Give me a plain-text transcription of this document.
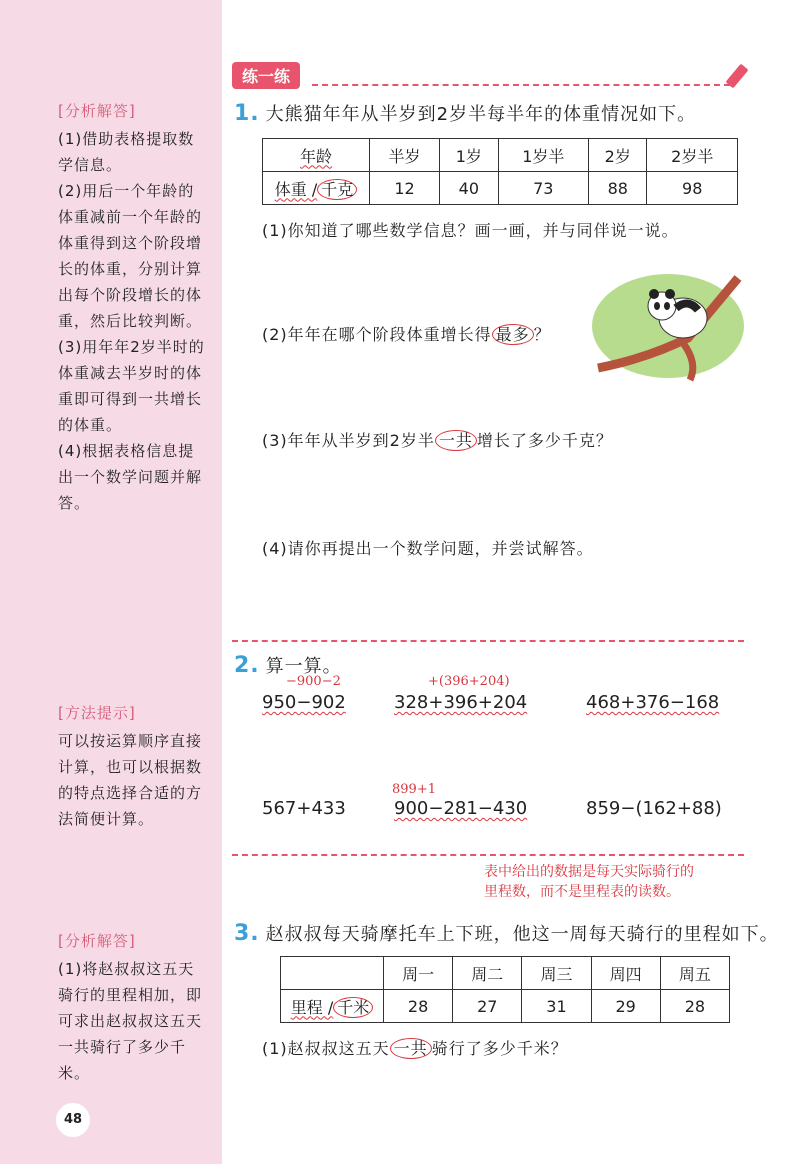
[分析解答]

(1)借助表格提取数学信息。

(2)用后一个年龄的体重减前一个年龄的体重得到这个阶段增长的体重，分别计算出每个阶段增长的体重，然后比较判断。

(3)用年年2岁半时的体重减去半岁时的体重即可得到一共增长的体重。

(4)根据表格信息提出一个数学问题并解答。

[方法提示]

可以按运算顺序直接计算，也可以根据数的特点选择合适的方法简便计算。

[分析解答]

(1)将赵叔叔这五天骑行的里程相加，即可求出赵叔叔这五天一共骑行了多少千米。

48
练一练
1. 大熊猫年年从半岁到2岁半每半年的体重情况如下。
年龄	半岁	1岁	1岁半	2岁	2岁半
体重 / 千克	12	40	73	88	98
(1)你知道了哪些数学信息？画一画，并与同伴说一说。
(2)年年在哪个阶段体重增长得 最多 ？
(3)年年从半岁到2岁半 一共 增长了多少千克？
(4)请你再提出一个数学问题，并尝试解答。
2. 算一算。
−900−2	+(396+204)
899+1
950−902	328+396+204	468+376−168
567+433	900−281−430	859−(162+88)
表中给出的数据是每天实际骑行的
里程数，而不是里程表的读数。
3. 赵叔叔每天骑摩托车上下班，他这一周每天骑行的里程如下。
	周一	周二	周三	周四	周五
里程 / 千米	28	27	31	29	28
(1)赵叔叔这五天 一共 骑行了多少千米？
